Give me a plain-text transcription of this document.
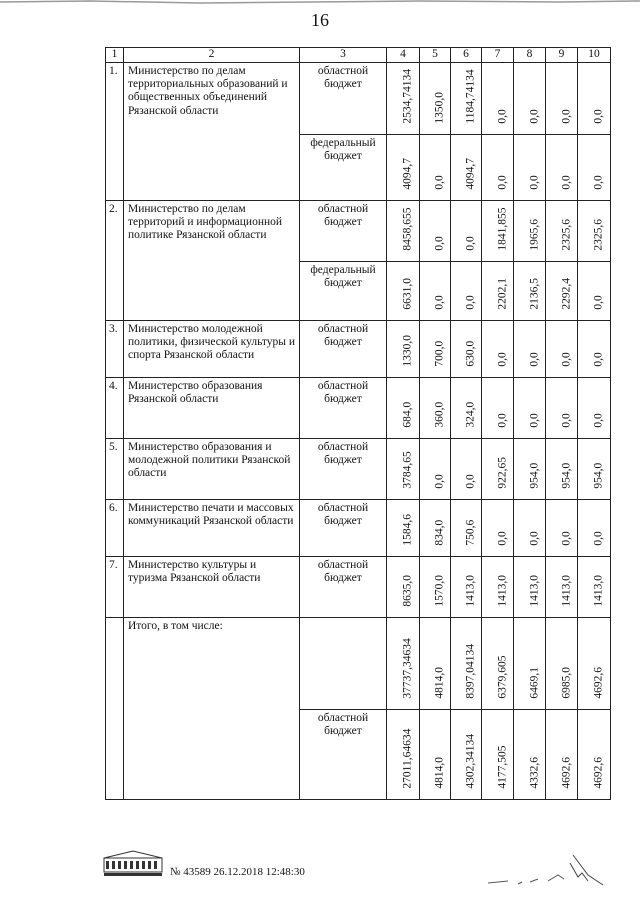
16
1	2	3	4	5	6	7	8	9	10
1.	Министерство по делам территориальных образований и общественных объединений Рязанской области	областной бюджет	2534,74134	1350,0	1184,74134	0,0	0,0	0,0	0,0

		федеральный бюджет	4094,7	0,0	4094,7	0,0	0,0	0,0	0,0

2.	Министерство по делам территорий и информационной политике Рязанской области	областной бюджет	8458,655	0,0	0,0	1841,855	1965,6	2325,6	2325,6

		федеральный бюджет	6631,0	0,0	0,0	2202,1	2136,5	2292,4	0,0

3.	Министерство молодежной политики, физической культуры и спорта Рязанской области	областной бюджет	1330,0	700,0	630,0	0,0	0,0	0,0	0,0

4.	Министерство образования Рязанской области	областной бюджет	684,0	360,0	324,0	0,0	0,0	0,0	0,0

5.	Министерство образования и молодежной политики Рязанской области	областной бюджет	3784,65	0,0	0,0	922,65	954,0	954,0	954,0

6.	Министерство печати и массовых коммуникаций Рязанской области	областной бюджет	1584,6	834,0	750,6	0,0	0,0	0,0	0,0

7.	Министерство культуры и туризма Рязанской области	областной бюджет	8635,0	1570,0	1413,0	1413,0	1413,0	1413,0	1413,0

	Итого, в том числе:		37737,34634	4814,0	8397,04134	6379,605	6469,1	6985,0	4692,6

		областной бюджет	27011,64634	4814,0	4302,34134	4177,505	4332,6	4692,6	4692,6
№ 43589 26.12.2018 12:48:30
